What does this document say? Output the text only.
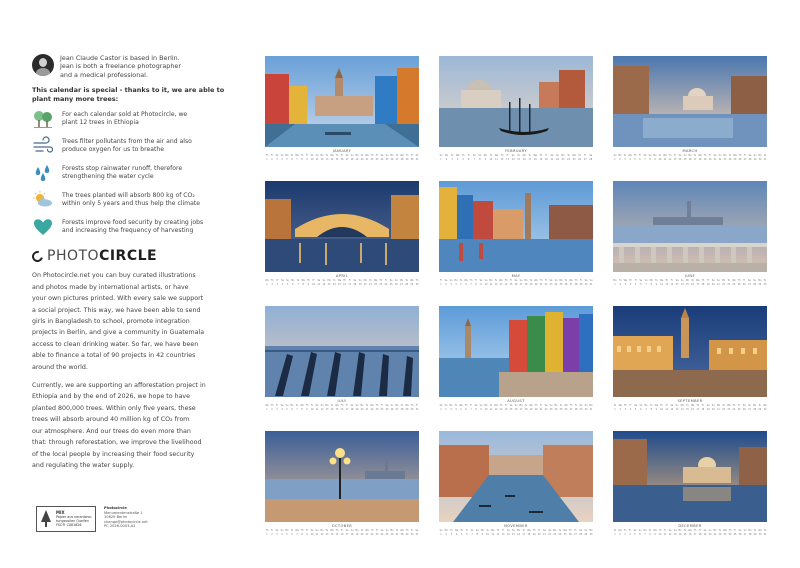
Jean Claude Castor is based in Berlin.
Jean is both a freelance photographer
and a medical professional.
This calendar is special - thanks to it, we are able to
plant many more trees:
For each calendar sold at Photocircle, we
plant 12 trees in Ethiopia
Trees filter pollutants from the air and also
produce oxygen for us to breathe
Forests stop rainwater runoff, therefore
strengthening the water cycle
The trees planted will absorb 800 kg of CO₂
within only 5 years and thus help the climate
Forests improve food security by creating jobs
and increasing the frequency of harvesting
PHOTOCIRCLE
On Photocircle.net you can buy curated illustrations
and photos made by international artists, or have
your own pictures printed. With every sale we support
a social project. This way, we have been able to send
girls in Bangladesh to school, promote integration
projects in Berlin, and give a community in Guatemala
access to clean drinking water. So far, we have been
able to finance a total of 90 projects in 42 countries
around the world.
Currently, we are supporting an afforestation project in
Ethiopia and by the end of 2026, we hope to have
planted 800,000 trees. Within only five years, these
trees will absorb around 40 million kg of CO₂ from
our atmosphere. And our trees do even more than
that: through reforestation, we improve the livelihood
of the local people by increasing their food security
and regulating the water supply.
MIX
Papier aus verantwor-
tungsvollen Quellen
FSC® C081826
Photocircle
Monumentenstraße 1
10829 Berlin
change@photocircle.net
PC 2026-0003-A2
JANUARY
Th	Fr	Sa Su Mo Tu We Th	Fr	Sa Su Mo Tu We Th	Fr	Sa Su Mo Tu We Th	Fr	Sa Su Mo Tu We Th	Fr	Sa
1	2	3	4	5	6	7	8	9	10 11 12 13 14 15 16 17 18 19 20 21 22 23 24 25 26 27 28 29 30 31
FEBRUARY
Su Mo	Tu	We Th	Fr	Sa Su Mo	Tu	We Th	Fr	Sa Su Mo	Tu	We Th	Fr	Sa Su Mo	Tu	We Th	Fr	Sa
1	2	3	4	5	6	7	8	9	10 11 12 13 14 15 16 17 18 19 20 21 22 23 24 25 26 27 28
MARCH
Su Mo Tu We Th	Fr	Sa Su Mo Tu We Th	Fr	Sa Su Mo Tu We Th	Fr	Sa Su Mo Tu We Th	Fr	Sa Su Mo Tu
1	2	3	4	5	6	7	8	9	10 11 12 13 14 15 16 17 18 19 20 21 22 23 24 25 26 27 28 29 30 31
APRIL
We Th	Fr	Sa Su Mo	Tu	We Th	Fr	Sa Su Mo	Tu	We Th	Fr	Sa Su Mo	Tu	We Th	Fr	Sa Su Mo	Tu	We Th
1	2	3	4	5	6	7	8	9	10 11 12 13 14 15 16 17 18 19 20 21 22 23 24 25 26 27 28 29 30
MAY
Fr	Sa Su Mo Tu We Th	Fr	Sa Su Mo Tu We Th	Fr	Sa Su Mo Tu We Th	Fr	Sa Su Mo Tu We Th	Fr	Sa Su
1	2	3	4	5	6	7	8	9	10 11 12 13 14 15 16 17 18 19 20 21 22 23 24 25 26 27 28 29 30 31
JUNE
Mo	Tu	We Th	Fr	Sa Su Mo	Tu	We Th	Fr	Sa Su Mo	Tu	We Th	Fr	Sa Su Mo	Tu	We Th	Fr	Sa Su Mo	Tu
1	2	3	4	5	6	7	8	9	10 11 12 13 14 15 16 17 18 19 20 21 22 23 24 25 26 27 28 29 30
JULY
We Th	Fr	Sa Su Mo Tu We Th	Fr	Sa Su Mo Tu We Th	Fr	Sa Su Mo Tu We Th	Fr	Sa Su Mo Tu We Th	Fr
1	2	3	4	5	6	7	8	9	10 11 12 13 14 15 16 17 18 19 20 21 22 23 24 25 26 27 28 29 30 31
AUGUST
Sa Su Mo Tu We Th	Fr	Sa Su Mo Tu We Th	Fr	Sa Su Mo Tu We Th	Fr	Sa Su Mo Tu We Th	Fr	Sa Su Mo
1	2	3	4	5	6	7	8	9	10 11 12 13 14 15 16 17 18 19 20 21 22 23 24 25 26 27 28 29 30 31
SEPTEMBER
Tu	We Th	Fr	Sa Su Mo	Tu	We Th	Fr	Sa Su Mo	Tu	We Th	Fr	Sa Su Mo	Tu	We Th	Fr	Sa Su Mo	Tu	We
1	2	3	4	5	6	7	8	9	10 11 12 13 14 15 16 17 18 19 20 21 22 23 24 25 26 27 28 29 30
OCTOBER
Th	Fr	Sa Su Mo Tu We Th	Fr	Sa Su Mo Tu We Th	Fr	Sa Su Mo Tu We Th	Fr	Sa Su Mo Tu We Th	Fr	Sa
1	2	3	4	5	6	7	8	9	10 11 12 13 14 15 16 17 18 19 20 21 22 23 24 25 26 27 28 29 30 31
NOVEMBER
Su Mo	Tu	We Th	Fr	Sa Su Mo	Tu	We Th	Fr	Sa Su Mo	Tu	We Th	Fr	Sa Su Mo	Tu	We Th	Fr	Sa Su Mo
1	2	3	4	5	6	7	8	9	10 11 12 13 14 15 16 17 18 19 20 21 22 23 24 25 26 27 28 29 30
DECEMBER
Tu We Th	Fr	Sa Su Mo Tu We Th	Fr	Sa Su Mo Tu We Th	Fr	Sa Su Mo Tu We Th	Fr	Sa Su Mo Tu We Th
1	2	3	4	5	6	7	8	9	10 11 12 13 14 15 16 17 18 19 20 21 22 23 24 25 26 27 28 29 30 31
